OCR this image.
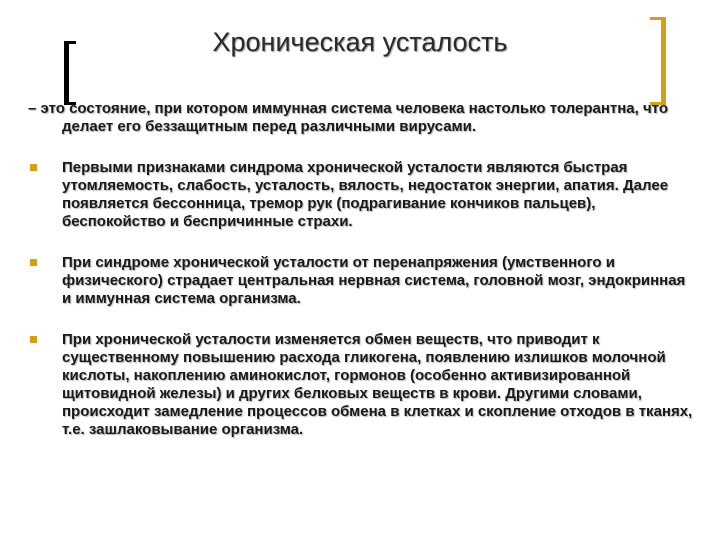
Хроническая усталость

– это состояние, при котором иммунная система человека настолько толерантна, что делает его беззащитным перед различными вирусами.

Первыми признаками синдрома хронической усталости являются быстрая утомляемость, слабость, усталость, вялость, недостаток энергии, апатия. Далее появляется бессонница, тремор рук (подрагивание кончиков пальцев), беспокойство и беспричинные страхи.
При синдроме хронической усталости от перенапряжения (умственного и физического) страдает центральная нервная система, головной мозг, эндокринная и иммунная система организма.
При хронической усталости изменяется обмен веществ, что приводит к существенному повышению расхода гликогена, появлению излишков молочной кислоты, накоплению аминокислот, гормонов (особенно активизированной щитовидной железы) и других белковых веществ в крови. Другими словами, происходит замедление процессов обмена в клетках и скопление отходов в тканях, т.е. зашлаковывание организма.
